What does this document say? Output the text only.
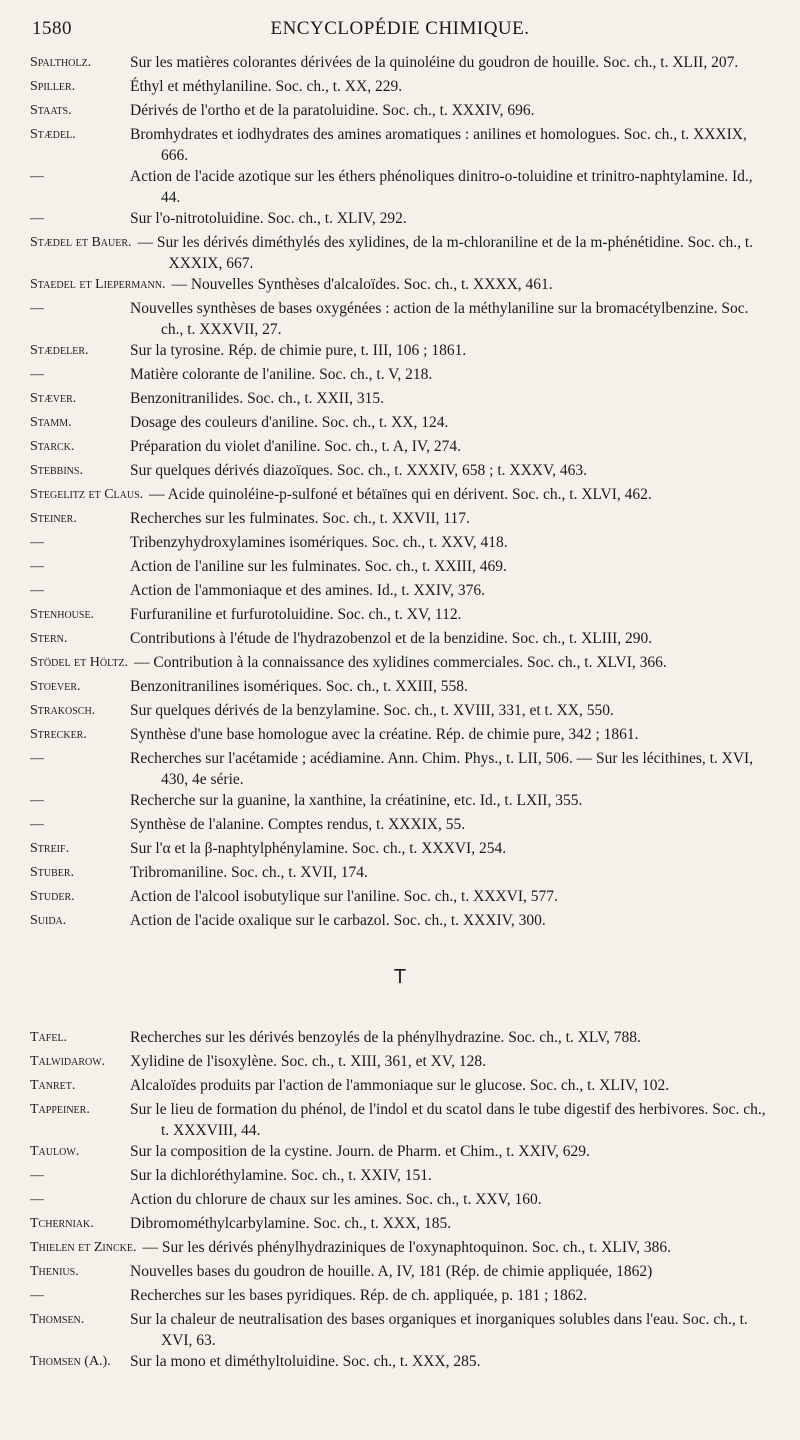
1580	ENCYCLOPÉDIE CHIMIQUE.
Spaltholz.	Sur les matières colorantes dérivées de la quinoléine du goudron de houille. Soc. ch., t. XLII, 207.
Spiller.	Éthyl et méthylaniline. Soc. ch., t. XX, 229.
Staats.	Dérivés de l'ortho et de la paratoluidine. Soc. ch., t. XXXIV, 696.
Stædel.	Bromhydrates et iodhydrates des amines aromatiques : anilines et homologues. Soc. ch., t. XXXIX, 666.
—	Action de l'acide azotique sur les éthers phénoliques dinitro-o-toluidine et trinitro-naphtylamine. Id., 44.
—	Sur l'o-nitrotoluidine. Soc. ch., t. XLIV, 292.
Stædel et Bauer. — Sur les dérivés diméthylés des xylidines, de la m-chloraniline et de la m-phénétidine. Soc. ch., t. XXXIX, 667.
Staedel et Liepermann. — Nouvelles Synthèses d'alcaloïdes. Soc. ch., t. XXXX, 461.
—	Nouvelles synthèses de bases oxygénées : action de la méthylaniline sur la bromacétylbenzine. Soc. ch., t. XXXVII, 27.
Stædeler.	Sur la tyrosine. Rép. de chimie pure, t. III, 106 ; 1861.
—	Matière colorante de l'aniline. Soc. ch., t. V, 218.
Stæver.	Benzonitranilides. Soc. ch., t. XXII, 315.
Stamm.	Dosage des couleurs d'aniline. Soc. ch., t. XX, 124.
Starck.	Préparation du violet d'aniline. Soc. ch., t. A, IV, 274.
Stebbins.	Sur quelques dérivés diazoïques. Soc. ch., t. XXXIV, 658 ; t. XXXV, 463.
Stegelitz et Claus. — Acide quinoléine-p-sulfoné et bétaïnes qui en dérivent. Soc. ch., t. XLVI, 462.
Steiner.	Recherches sur les fulminates. Soc. ch., t. XXVII, 117.
—	Tribenzyhydroxylamines isomériques. Soc. ch., t. XXV, 418.
—	Action de l'aniline sur les fulminates. Soc. ch., t. XXIII, 469.
—	Action de l'ammoniaque et des amines. Id., t. XXIV, 376.
Stenhouse.	Furfuraniline et furfurotoluidine. Soc. ch., t. XV, 112.
Stern.	Contributions à l'étude de l'hydrazobenzol et de la benzidine. Soc. ch., t. XLIII, 290.
Stödel et Höltz. — Contribution à la connaissance des xylidines commerciales. Soc. ch., t. XLVI, 366.
Stoever.	Benzonitranilines isomériques. Soc. ch., t. XXIII, 558.
Strakosch.	Sur quelques dérivés de la benzylamine. Soc. ch., t. XVIII, 331, et t. XX, 550.
Strecker.	Synthèse d'une base homologue avec la créatine. Rép. de chimie pure, 342 ; 1861.
—	Recherches sur l'acétamide ; acédiamine. Ann. Chim. Phys., t. LII, 506. — Sur les lécithines, t. XVI, 430, 4e série.
—	Recherche sur la guanine, la xanthine, la créatinine, etc. Id., t. LXII, 355.
—	Synthèse de l'alanine. Comptes rendus, t. XXXIX, 55.
Streif.	Sur l'α et la β-naphtylphénylamine. Soc. ch., t. XXXVI, 254.
Stuber.	Tribromaniline. Soc. ch., t. XVII, 174.
Studer.	Action de l'alcool isobutylique sur l'aniline. Soc. ch., t. XXXVI, 577.
Suida.	Action de l'acide oxalique sur le carbazol. Soc. ch., t. XXXIV, 300.
T
Tafel.	Recherches sur les dérivés benzoylés de la phénylhydrazine. Soc. ch., t. XLV, 788.
Talwidarow.	Xylidine de l'isoxylène. Soc. ch., t. XIII, 361, et XV, 128.
Tanret.	Alcaloïdes produits par l'action de l'ammoniaque sur le glucose. Soc. ch., t. XLIV, 102.
Tappeiner.	Sur le lieu de formation du phénol, de l'indol et du scatol dans le tube digestif des herbivores. Soc. ch., t. XXXVIII, 44.
Taulow.	Sur la composition de la cystine. Journ. de Pharm. et Chim., t. XXIV, 629.
—	Sur la dichloréthylamine. Soc. ch., t. XXIV, 151.
—	Action du chlorure de chaux sur les amines. Soc. ch., t. XXV, 160.
Tcherniak.	Dibromométhylcarbylamine. Soc. ch., t. XXX, 185.
Thielen et Zincke. — Sur les dérivés phénylhydraziniques de l'oxynaphtoquinon. Soc. ch., t. XLIV, 386.
Thenius.	Nouvelles bases du goudron de houille. A, IV, 181 (Rép. de chimie appliquée, 1862)
—	Recherches sur les bases pyridiques. Rép. de ch. appliquée, p. 181 ; 1862.
Thomsen.	Sur la chaleur de neutralisation des bases organiques et inorganiques solubles dans l'eau. Soc. ch., t. XVI, 63.
Thomsen (A.).	Sur la mono et diméthyltoluidine. Soc. ch., t. XXX, 285.
